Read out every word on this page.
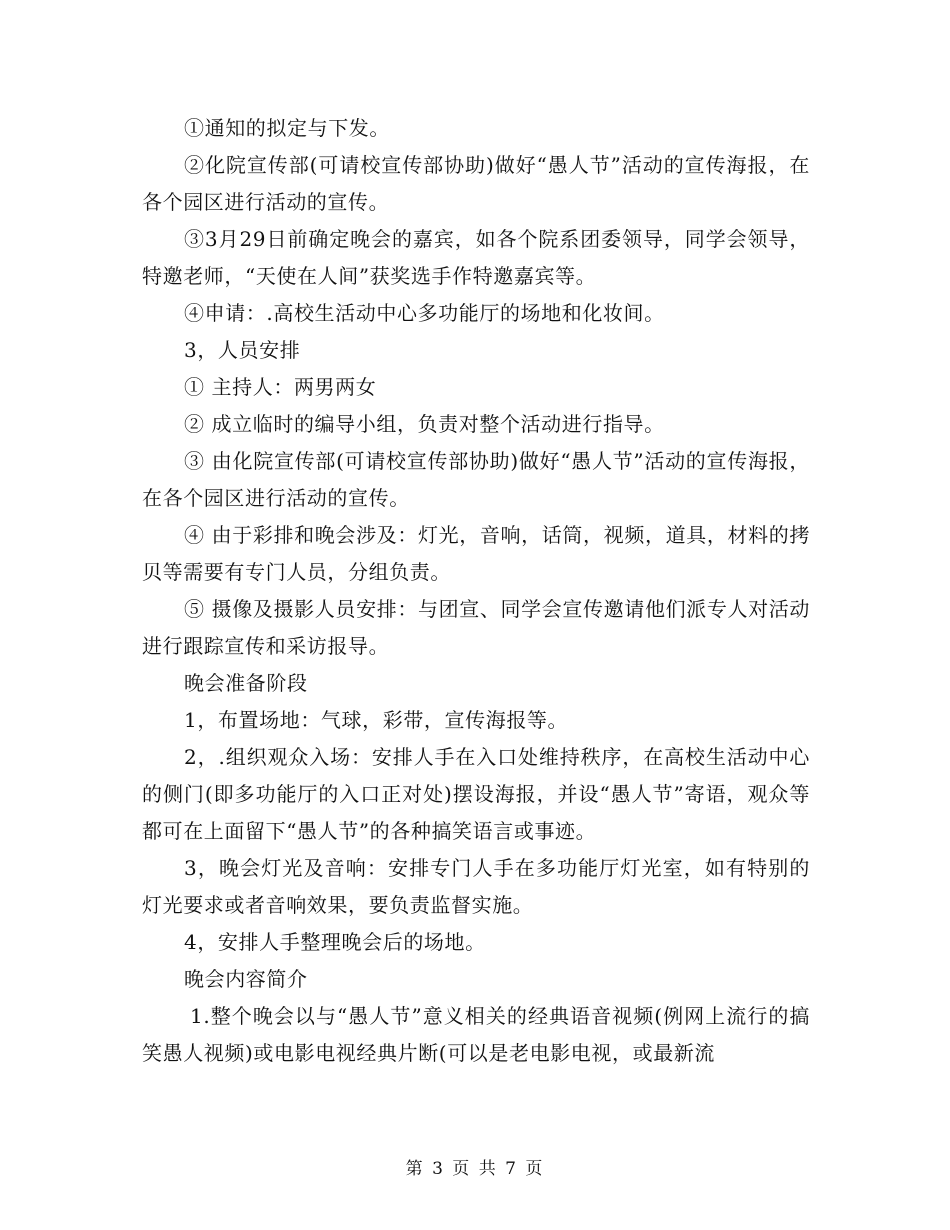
①通知的拟定与下发。

②化院宣传部(可请校宣传部协助)做好“愚人节”活动的宣传海报，在各个园区进行活动的宣传。

③3月29日前确定晚会的嘉宾，如各个院系团委领导，同学会领导，特邀老师，“天使在人间”获奖选手作特邀嘉宾等。

④申请：.高校生活动中心多功能厅的场地和化妆间。

3，人员安排

① 主持人：两男两女

② 成立临时的编导小组，负责对整个活动进行指导。

③ 由化院宣传部(可请校宣传部协助)做好“愚人节”活动的宣传海报，在各个园区进行活动的宣传。

④ 由于彩排和晚会涉及：灯光，音响，话筒，视频，道具，材料的拷贝等需要有专门人员，分组负责。

⑤ 摄像及摄影人员安排：与团宣、同学会宣传邀请他们派专人对活动进行跟踪宣传和采访报导。

晚会准备阶段

1，布置场地：气球，彩带，宣传海报等。

2，.组织观众入场：安排人手在入口处维持秩序，在高校生活动中心的侧门(即多功能厅的入口正对处)摆设海报，并设“愚人节”寄语，观众等都可在上面留下“愚人节”的各种搞笑语言或事迹。

3，晚会灯光及音响：安排专门人手在多功能厅灯光室，如有特别的灯光要求或者音响效果，要负责监督实施。

4，安排人手整理晚会后的场地。

晚会内容简介

1.整个晚会以与“愚人节”意义相关的经典语音视频(例网上流行的搞笑愚人视频)或电影电视经典片断(可以是老电影电视，或最新流

第 3 页 共 7 页
